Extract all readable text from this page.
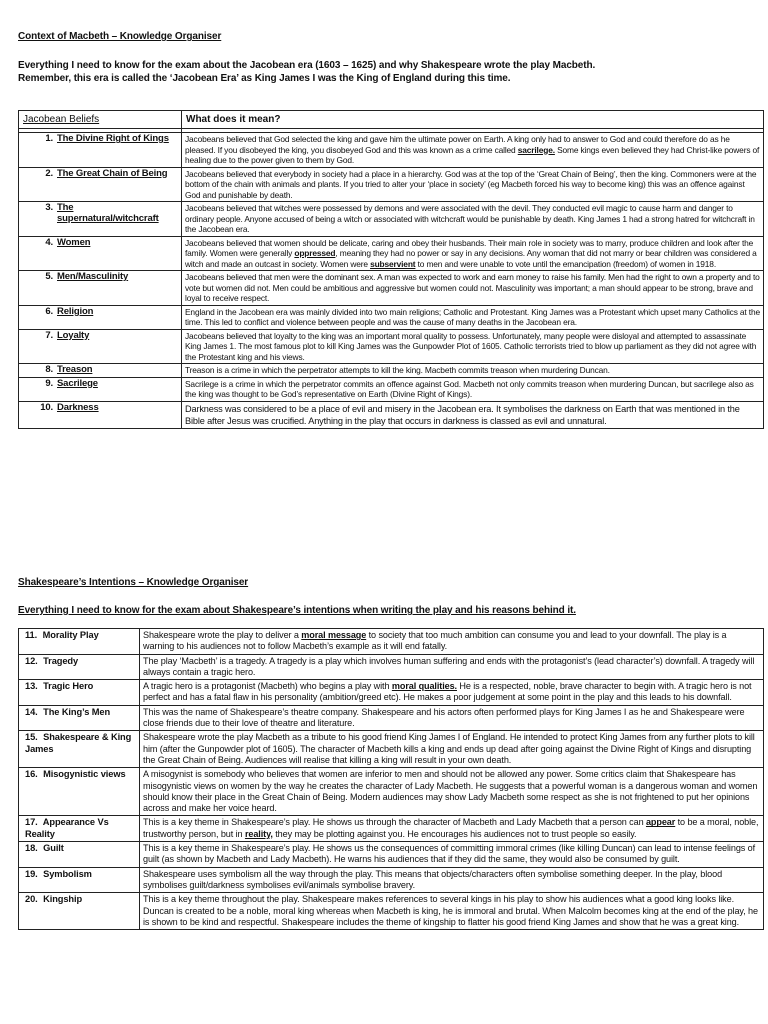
Context of Macbeth – Knowledge Organiser
Everything I need to know for the exam about the Jacobean era (1603 – 1625) and why Shakespeare wrote the play Macbeth.
Remember, this era is called the ‘Jacobean Era’ as King James I was the King of England during this time.
Jacobean Beliefs	What does it mean?

1. The Divine Right of Kings	Jacobeans believed that God selected the king and gave him the ultimate power on Earth. A king only had to answer to God and could therefore do as he pleased. If you disobeyed the king, you disobeyed God and this was known as a crime called sacrilege. Some kings even believed they had Christ-like powers of healing due to the power given to them by God.
2. The Great Chain of Being	Jacobeans believed that everybody in society had a place in a hierarchy. God was at the top of the ‘Great Chain of Being’, then the king. Commoners were at the bottom of the chain with animals and plants. If you tried to alter your ‘place in society’ (eg Macbeth forced his way to become king) this was an offence against God and punishable by death.
3. The supernatural/witchcraft	Jacobeans believed that witches were possessed by demons and were associated with the devil. They conducted evil magic to cause harm and danger to ordinary people. Anyone accused of being a witch or associated with witchcraft would be punishable by death. King James 1 had a strong hatred for witchcraft in the Jacobean era.
4. Women	Jacobeans believed that women should be delicate, caring and obey their husbands. Their main role in society was to marry, produce children and look after the family. Women were generally oppressed, meaning they had no power or say in any decisions. Any woman that did not marry or bear children was considered a witch and made an outcast in society. Women were subservient to men and were unable to vote until the emancipation (freedom) of women in 1918.
5. Men/Masculinity	Jacobeans believed that men were the dominant sex. A man was expected to work and earn money to raise his family. Men had the right to own a property and to vote but women did not. Men could be ambitious and aggressive but women could not. Masculinity was important; a man should appear to be strong, brave and loyal to receive respect.
6. Religion	England in the Jacobean era was mainly divided into two main religions; Catholic and Protestant. King James was a Protestant which upset many Catholics at the time. This led to conflict and violence between people and was the cause of many deaths in the Jacobean era.
7. Loyalty	Jacobeans believed that loyalty to the king was an important moral quality to possess. Unfortunately, many people were disloyal and attempted to assassinate King James 1. The most famous plot to kill King James was the Gunpowder Plot of 1605. Catholic terrorists tried to blow up parliament as they did not agree with the Protestant king and his views.
8. Treason	Treason is a crime in which the perpetrator attempts to kill the king. Macbeth commits treason when murdering Duncan.
9. Sacrilege	Sacrilege is a crime in which the perpetrator commits an offence against God. Macbeth not only commits treason when murdering Duncan, but sacrilege also as the king was thought to be God’s representative on Earth (Divine Right of Kings).
10. Darkness	Darkness was considered to be a place of evil and misery in the Jacobean era. It symbolises the darkness on Earth that was mentioned in the Bible after Jesus was crucified. Anything in the play that occurs in darkness is classed as evil and unnatural.
Shakespeare’s Intentions – Knowledge Organiser
Everything I need to know for the exam about Shakespeare’s intentions when writing the play and his reasons behind it.
11. Morality Play	Shakespeare wrote the play to deliver a moral message to society that too much ambition can consume you and lead to your downfall. The play is a warning to his audiences not to follow Macbeth’s example as it will end fatally.
12. Tragedy	The play ‘Macbeth’ is a tragedy. A tragedy is a play which involves human suffering and ends with the protagonist’s (lead character’s) downfall. A tragedy will always contain a tragic hero.
13. Tragic Hero	A tragic hero is a protagonist (Macbeth) who begins a play with moral qualities. He is a respected, noble, brave character to begin with. A tragic hero is not perfect and has a fatal flaw in his personality (ambition/greed etc). He makes a poor judgement at some point in the play and this leads to his downfall.
14. The King’s Men	This was the name of Shakespeare’s theatre company. Shakespeare and his actors often performed plays for King James I as he and Shakespeare were close friends due to their love of theatre and literature.
15. Shakespeare & King James	Shakespeare wrote the play Macbeth as a tribute to his good friend King James I of England. He intended to protect King James from any further plots to kill him (after the Gunpowder plot of 1605). The character of Macbeth kills a king and ends up dead after going against the Divine Right of Kings and disrupting the Great Chain of Being. Audiences will realise that killing a king will result in your own death.
16. Misogynistic views	A misogynist is somebody who believes that women are inferior to men and should not be allowed any power. Some critics claim that Shakespeare has misogynistic views on women by the way he creates the character of Lady Macbeth. He suggests that a powerful woman is a dangerous woman and women should know their place in the Great Chain of Being. Modern audiences may show Lady Macbeth some respect as she is not frightened to put her opinions across and make her voice heard.
17. Appearance Vs Reality	This is a key theme in Shakespeare’s play. He shows us through the character of Macbeth and Lady Macbeth that a person can appear to be a moral, noble, trustworthy person, but in reality, they may be plotting against you. He encourages his audiences not to trust people so easily.
18. Guilt	This is a key theme in Shakespeare’s play. He shows us the consequences of committing immoral crimes (like killing Duncan) can lead to intense feelings of guilt (as shown by Macbeth and Lady Macbeth). He warns his audiences that if they did the same, they would also be consumed by guilt.
19. Symbolism	Shakespeare uses symbolism all the way through the play. This means that objects/characters often symbolise something deeper. In the play, blood symbolises guilt/darkness symbolises evil/animals symbolise bravery.
20. Kingship	This is a key theme throughout the play. Shakespeare makes references to several kings in his play to show his audiences what a good king looks like. Duncan is created to be a noble, moral king whereas when Macbeth is king, he is immoral and brutal. When Malcolm becomes king at the end of the play, he is shown to be kind and respectful. Shakespeare includes the theme of kingship to flatter his good friend King James and show that he was a great king.
